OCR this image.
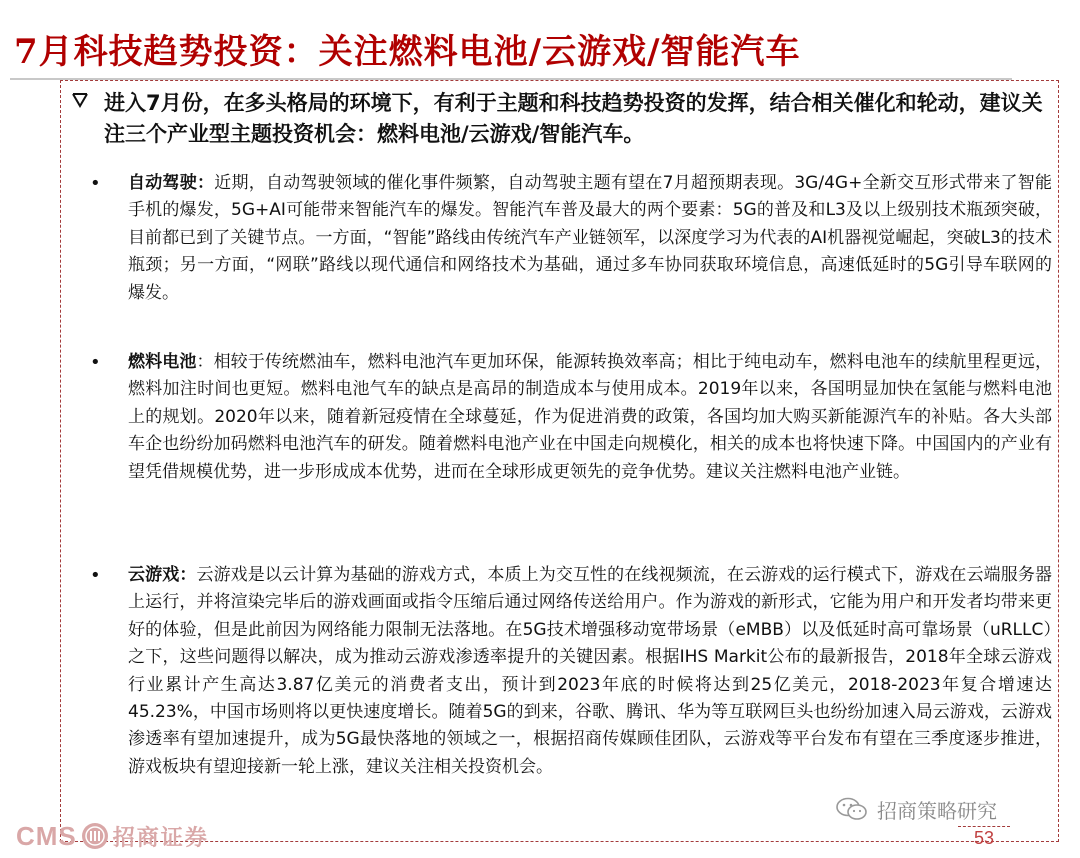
7月科技趋势投资：关注燃料电池/云游戏/智能汽车
进入7月份，在多头格局的环境下，有利于主题和科技趋势投资的发挥，结合相关催化和轮动，建议关注三个产业型主题投资机会：燃料电池/云游戏/智能汽车。
• 自动驾驶：近期，自动驾驶领域的催化事件频繁，自动驾驶主题有望在7月超预期表现。3G/4G+全新交互形式带来了智能手机的爆发，5G+AI可能带来智能汽车的爆发。智能汽车普及最大的两个要素：5G的普及和L3及以上级别技术瓶颈突破，目前都已到了关键节点。一方面，“智能”路线由传统汽车产业链领军，以深度学习为代表的AI机器视觉崛起，突破L3的技术瓶颈；另一方面，“网联”路线以现代通信和网络技术为基础，通过多车协同获取环境信息，高速低延时的5G引导车联网的爆发。
• 燃料电池：相较于传统燃油车，燃料电池汽车更加环保，能源转换效率高；相比于纯电动车，燃料电池车的续航里程更远，燃料加注时间也更短。燃料电池气车的缺点是高昂的制造成本与使用成本。2019年以来，各国明显加快在氢能与燃料电池上的规划。2020年以来，随着新冠疫情在全球蔓延，作为促进消费的政策，各国均加大购买新能源汽车的补贴。各大头部车企也纷纷加码燃料电池汽车的研发。随着燃料电池产业在中国走向规模化，相关的成本也将快速下降。中国国内的产业有望凭借规模优势，进一步形成成本优势，进而在全球形成更领先的竞争优势。建议关注燃料电池产业链。
• 云游戏：云游戏是以云计算为基础的游戏方式，本质上为交互性的在线视频流，在云游戏的运行模式下，游戏在云端服务器上运行，并将渲染完毕后的游戏画面或指令压缩后通过网络传送给用户。作为游戏的新形式，它能为用户和开发者均带来更好的体验，但是此前因为网络能力限制无法落地。在5G技术增强移动宽带场景（eMBB）以及低延时高可靠场景（uRLLC）之下，这些问题得以解决，成为推动云游戏渗透率提升的关键因素。根据IHS Markit公布的最新报告，2018年全球云游戏行业累计产生高达3.87亿美元的消费者支出，预计到2023年底的时候将达到25亿美元，2018-2023年复合增速达45.23%，中国市场则将以更快速度增长。随着5G的到来，谷歌、腾讯、华为等互联网巨头也纷纷加速入局云游戏，云游戏渗透率有望加速提升，成为5G最快落地的领域之一，根据招商传媒顾佳团队，云游戏等平台发布有望在三季度逐步推进，游戏板块有望迎接新一轮上涨，建议关注相关投资机会。
招商策略研究
CMS 招商证券	53
